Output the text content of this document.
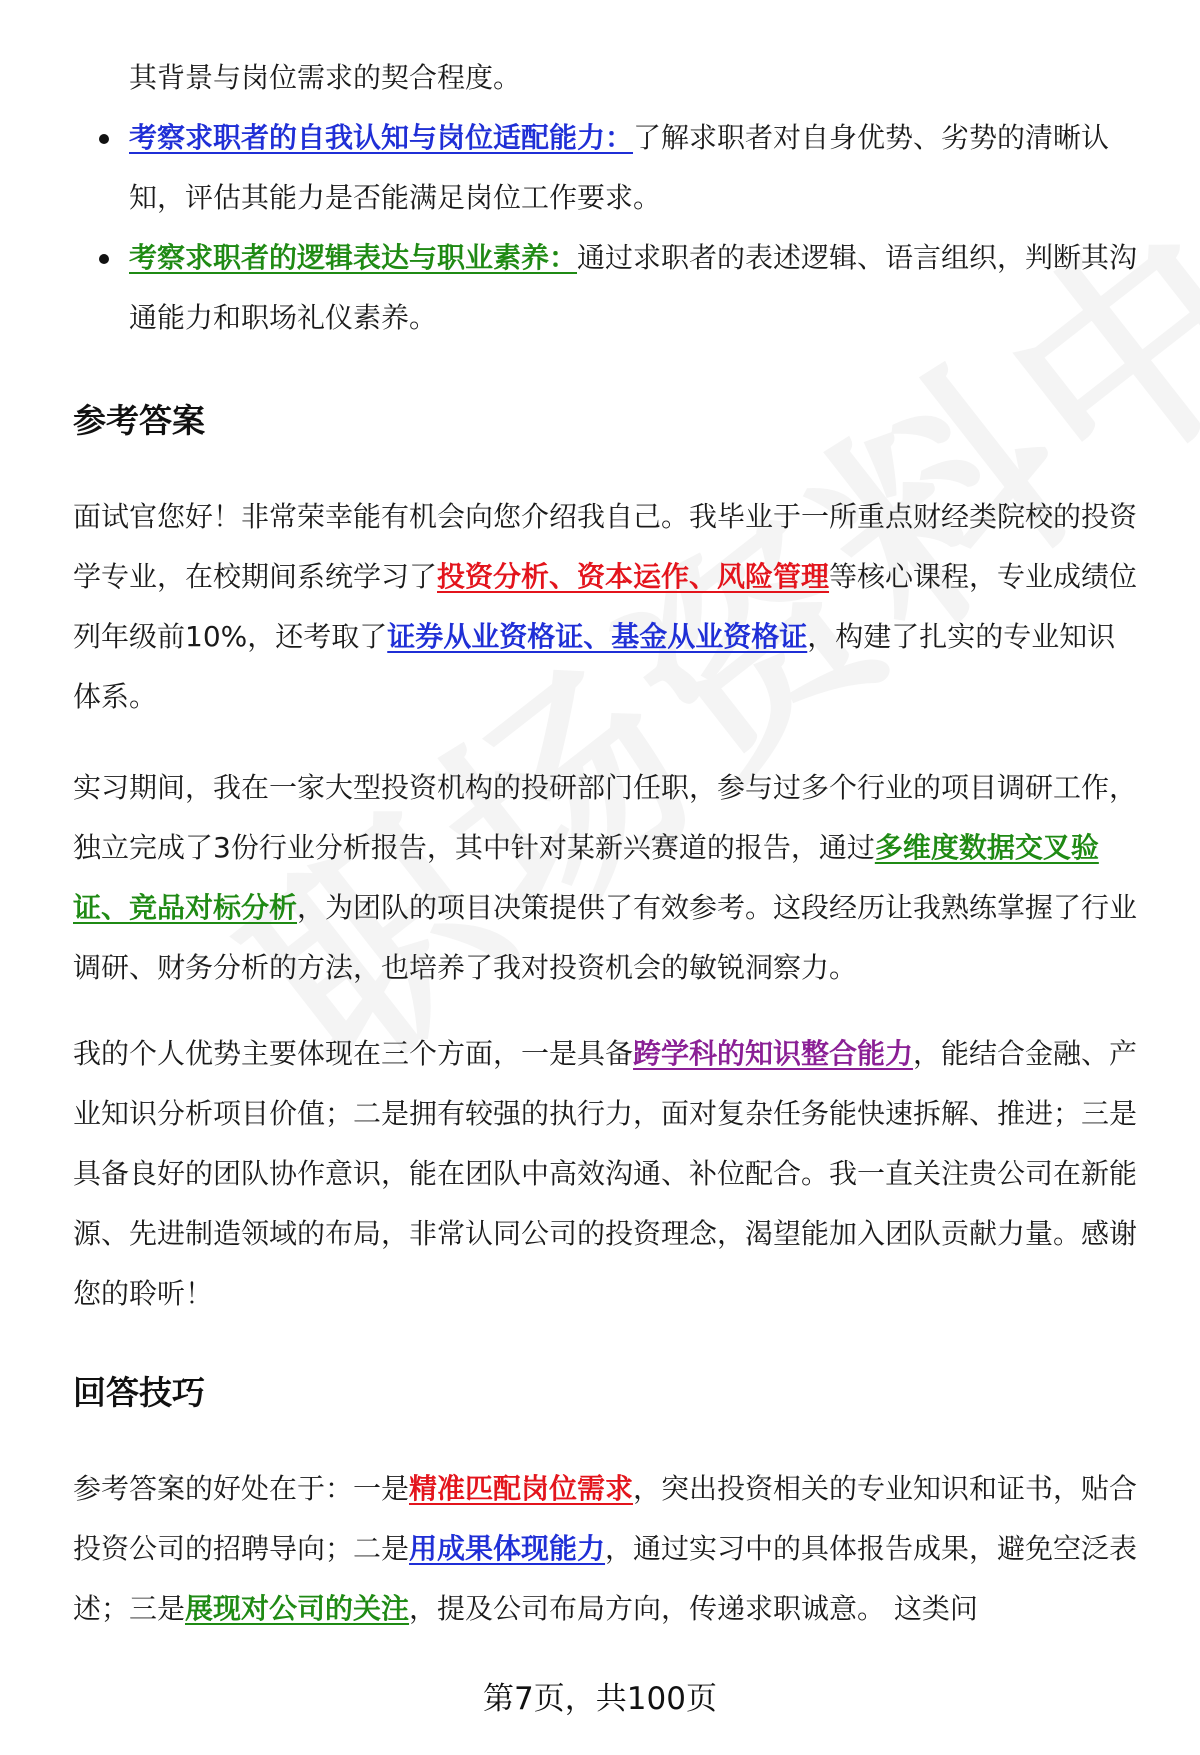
其背景与岗位需求的契合程度。
考察求职者的自我认知与岗位适配能力：了解求职者对自身优势、劣势的清晰认知，评估其能力是否能满足岗位工作要求。
考察求职者的逻辑表达与职业素养：通过求职者的表述逻辑、语言组织，判断其沟通能力和职场礼仪素养。
参考答案

面试官您好！非常荣幸能有机会向您介绍我自己。我毕业于一所重点财经类院校的投资学专业，在校期间系统学习了投资分析、资本运作、风险管理等核心课程，专业成绩位列年级前10%，还考取了证券从业资格证、基金从业资格证，构建了扎实的专业知识体系。

实习期间，我在一家大型投资机构的投研部门任职，参与过多个行业的项目调研工作，独立完成了3份行业分析报告，其中针对某新兴赛道的报告，通过多维度数据交叉验证、竞品对标分析，为团队的项目决策提供了有效参考。这段经历让我熟练掌握了行业调研、财务分析的方法，也培养了我对投资机会的敏锐洞察力。

我的个人优势主要体现在三个方面，一是具备跨学科的知识整合能力，能结合金融、产业知识分析项目价值；二是拥有较强的执行力，面对复杂任务能快速拆解、推进；三是具备良好的团队协作意识，能在团队中高效沟通、补位配合。我一直关注贵公司在新能源、先进制造领域的布局，非常认同公司的投资理念，渴望能加入团队贡献力量。感谢您的聆听！

回答技巧

参考答案的好处在于：一是精准匹配岗位需求，突出投资相关的专业知识和证书，贴合投资公司的招聘导向；二是用成果体现能力，通过实习中的具体报告成果，避免空泛表述；三是展现对公司的关注，提及公司布局方向，传递求职诚意。 这类问

第7页，共100页
